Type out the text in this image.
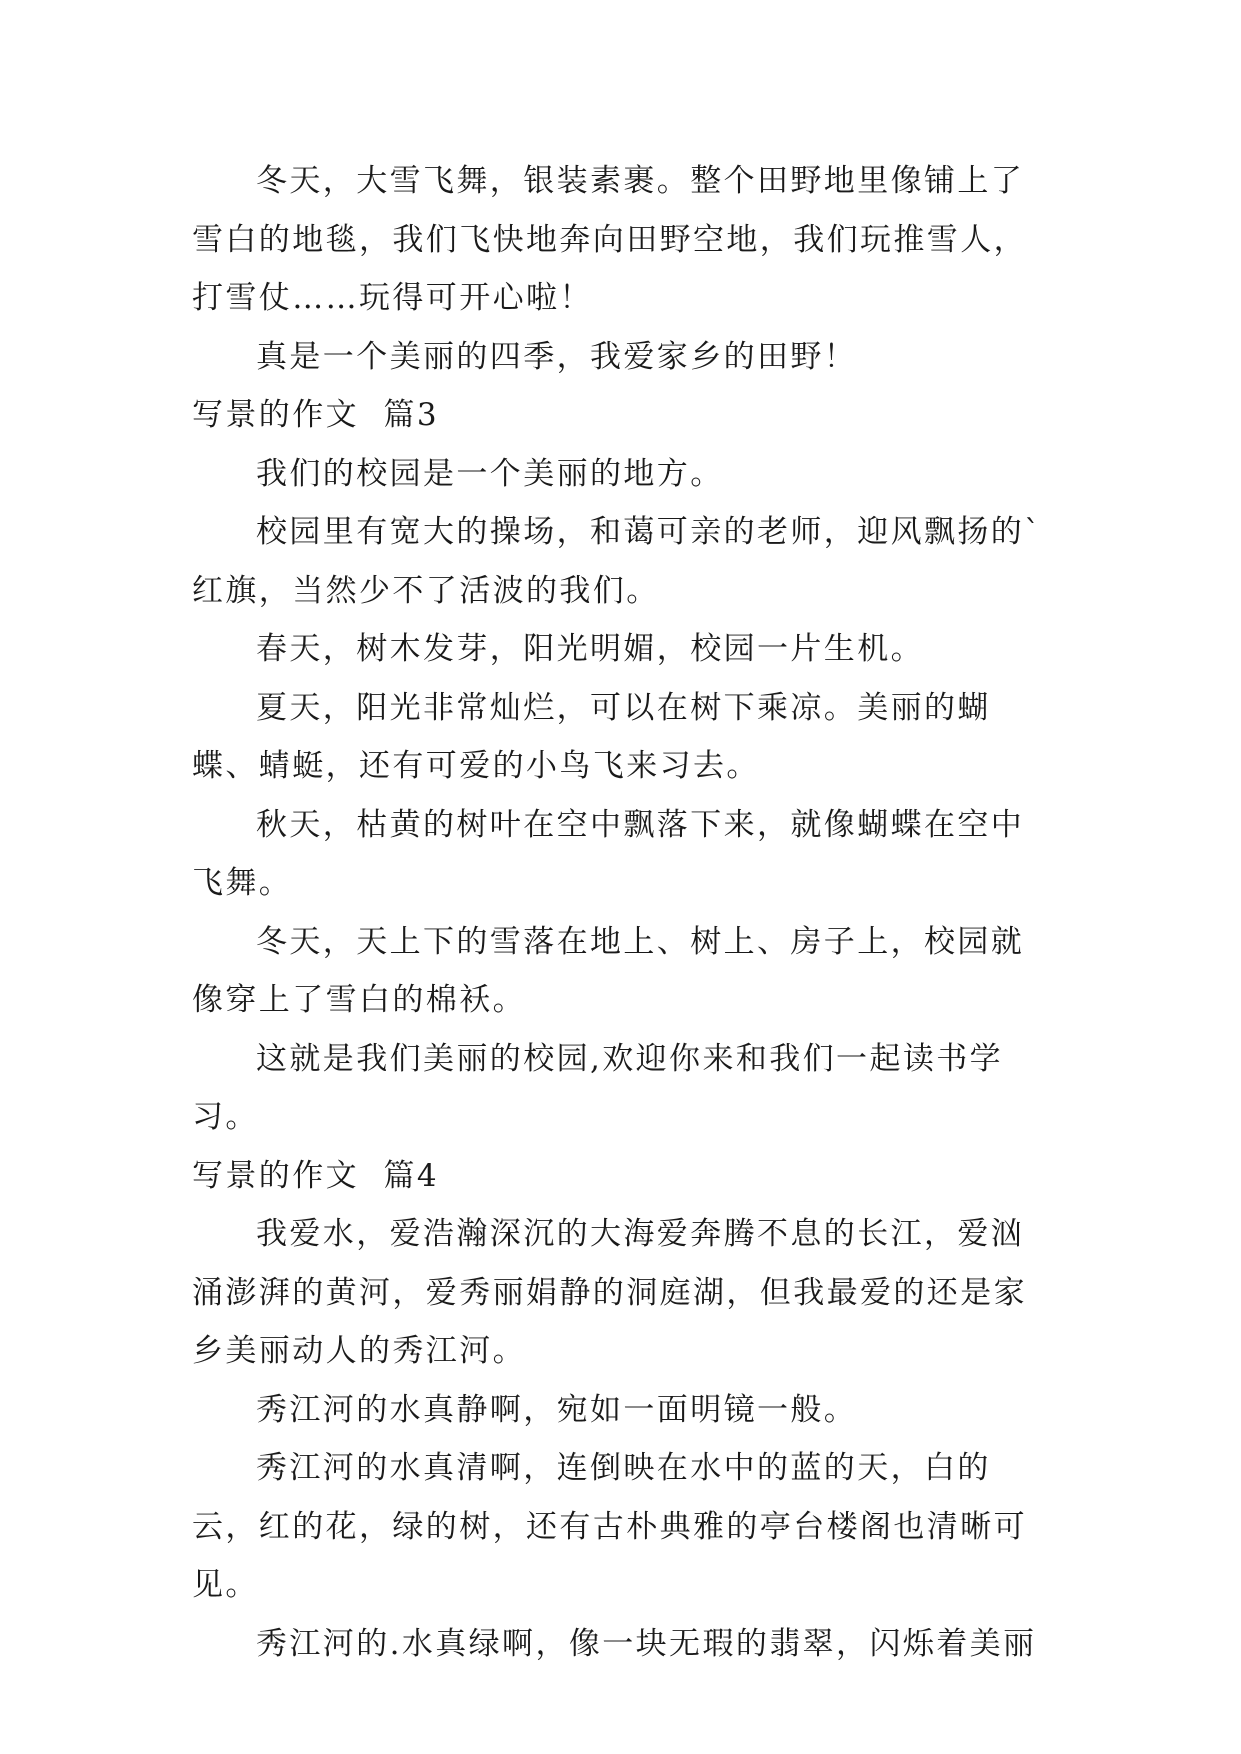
冬天，大雪飞舞，银装素裹。整个田野地里像铺上了雪白的地毯，我们飞快地奔向田野空地，我们玩推雪人，打雪仗……玩得可开心啦！

真是一个美丽的四季，我爱家乡的田野！

写景的作文  篇3

我们的校园是一个美丽的地方。

校园里有宽大的操场，和蔼可亲的老师，迎风飘扬的`红旗，当然少不了活波的我们。

春天，树木发芽，阳光明媚，校园一片生机。

夏天，阳光非常灿烂，可以在树下乘凉。美丽的蝴蝶、蜻蜓，还有可爱的小鸟飞来习去。

秋天，枯黄的树叶在空中飘落下来，就像蝴蝶在空中飞舞。

冬天，天上下的雪落在地上、树上、房子上，校园就像穿上了雪白的棉袄。

这就是我们美丽的校园,欢迎你来和我们一起读书学习。

写景的作文  篇4

我爱水，爱浩瀚深沉的大海爱奔腾不息的长江，爱汹涌澎湃的黄河，爱秀丽娟静的洞庭湖，但我最爱的还是家乡美丽动人的秀江河。

秀江河的水真静啊，宛如一面明镜一般。

秀江河的水真清啊，连倒映在水中的蓝的天，白的云，红的花，绿的树，还有古朴典雅的亭台楼阁也清晰可见。

秀江河的.水真绿啊，像一块无瑕的翡翠，闪烁着美丽
